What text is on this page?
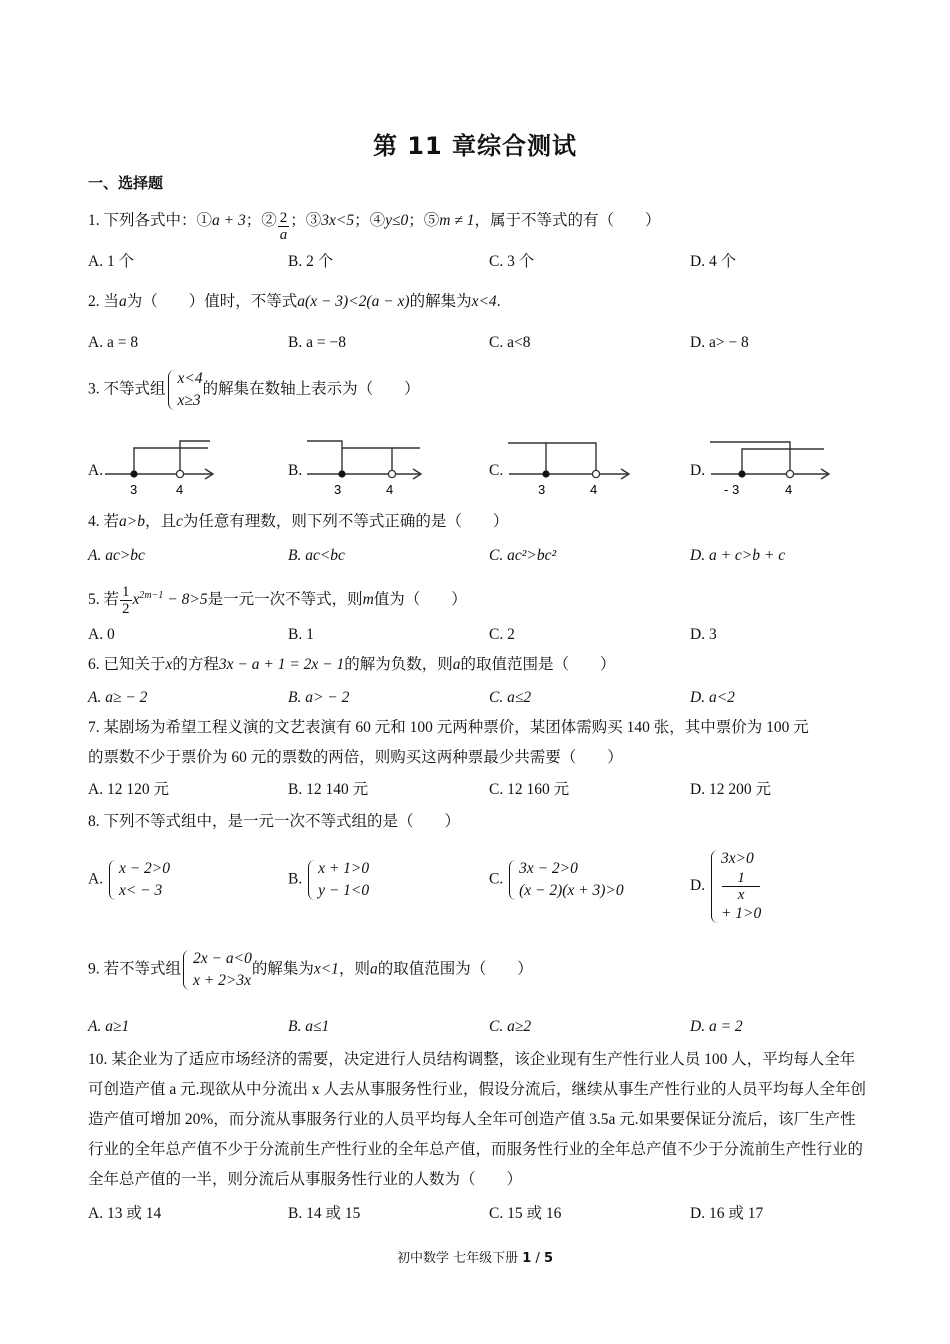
第 11 章综合测试
一、选择题
1. 下列各式中：①a + 3；② $\frac{2}{a}$ ；③3x<5；④y≤0；⑤m ≠ 1，属于不等式的有（　　）
A. 1 个	B. 2 个	C. 3 个	D. 4 个
2. 当a为（　　）值时，不等式a(x − 3)<2(a − x)的解集为x<4.
A. a = 8	B. a = −8	C. a<8	D. a> − 8
3. 不等式组
x<4
x≥3
的解集在数轴上表示为（　　）
A.
3	4
B.
3	4
C.
3	4
D.
- 3	4
4. 若a>b，且c为任意有理数，则下列不等式正确的是（　　）
A. ac>bc	B. ac<bc	C. ac²>bc²	D. a + c>b + c
5. 若 $\frac{1}{2} x^{2m-1} - 8>5$是一元一次不等式，则m值为（　　）
A. 0	B. 1	C. 2	D. 3
6. 已知关于x的方程3x − a + 1 = 2x − 1的解为负数，则a的取值范围是（　　）
A. a≥ − 2	B. a> − 2	C. a≤2	D. a<2
7. 某剧场为希望工程义演的文艺表演有 60 元和 100 元两种票价，某团体需购买 140 张，其中票价为 100 元
的票数不少于票价为 60 元的票数的两倍，则购买这两种票最少共需要（　　）
A. 12 120 元	B. 12 140 元	C. 12 160 元	D. 12 200 元
8. 下列不等式组中，是一元一次不等式组的是（　　）
A.
x − 2>0
x< − 3
B.
x + 1>0
y − 1<0
C.
3x − 2>0
(x − 2)(x + 3)>0	D.
3x>0
1
x
+ 1>0
9. 若不等式组
2x − a<0
x + 2>3x
的解集为x<1，则a的取值范围为（　　）
A. a≥1	B. a≤1	C. a≥2	D. a = 2
10. 某企业为了适应市场经济的需要，决定进行人员结构调整，该企业现有生产性行业人员 100 人，平均每人全年可创造产值 a 元.现欲从中分流出 x 人去从事服务性行业，假设分流后，继续从事生产性行业的人员平均每人全年创造产值可增加 20%，而分流从事服务行业的人员平均每人全年可创造产值 3.5a 元.如果要保证分流后，该厂生产性行业的全年总产值不少于分流前生产性行业的全年总产值，而服务性行业的全年总产值不少于分流前生产性行业的全年总产值的一半，则分流后从事服务性行业的人数为（　　）
A. 13 或 14	B. 14 或 15	C. 15 或 16	D. 16 或 17
初中数学 七年级下册 1 / 5
